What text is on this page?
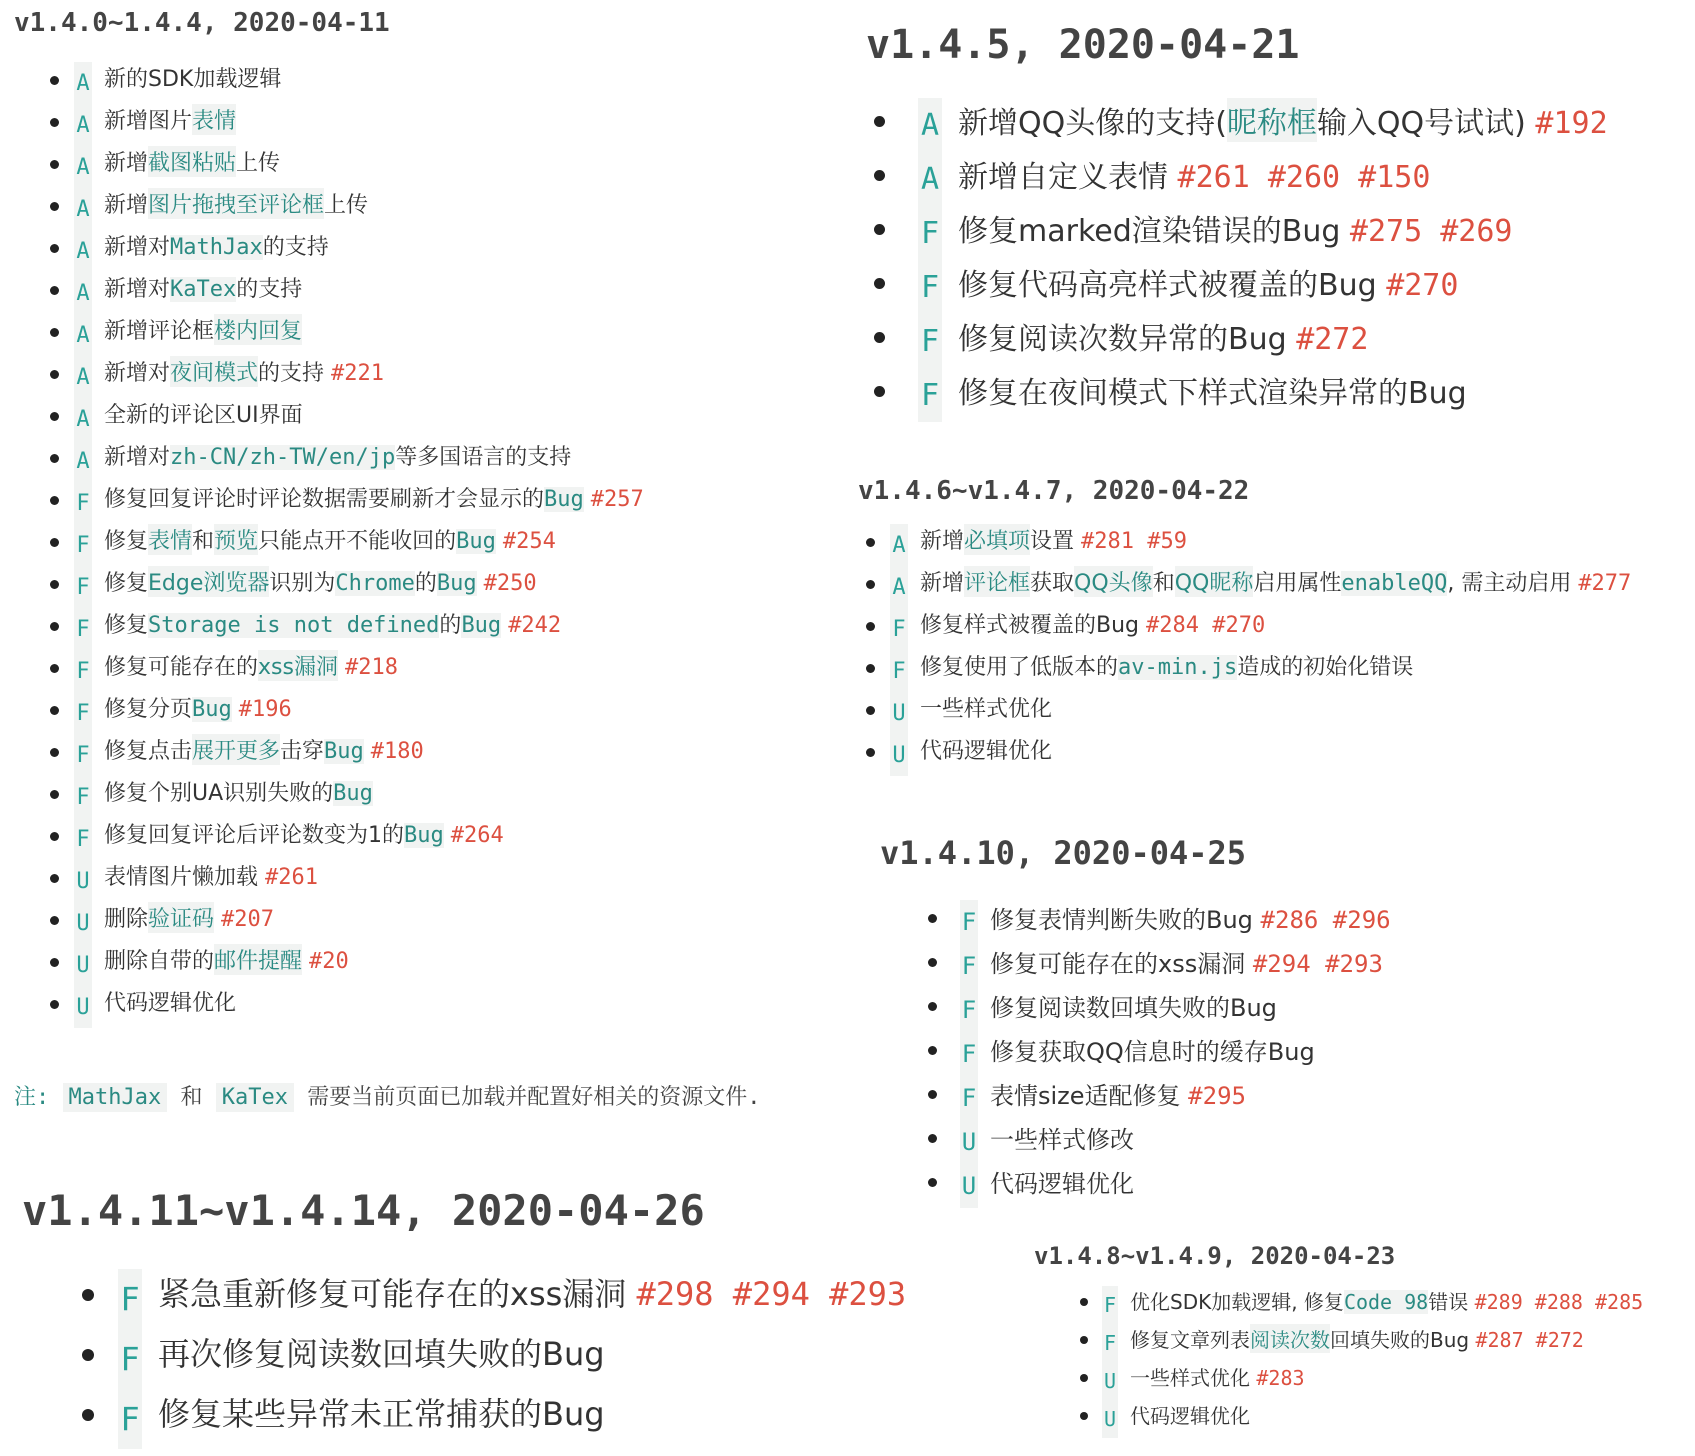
v1.4.0~1.4.4, 2020-04-11
A 新的SDK加载逻辑
A 新增图片 表情
A 新增 截图粘贴 上传
A 新增 图片拖拽至评论框 上传
A 新增对 MathJax 的支持
A 新增对 KaTex 的支持
A 新增评论框 楼内回复
A 新增对 夜间模式 的支持 #221
A 全新的评论区UI界面
A 新增对 zh-CN/zh-TW/en/jp 等多国语言的支持
F 修复回复评论时评论数据需要刷新才会显示的 Bug
#257
F 修复 表情 和 预览 只能点开不能收回的 Bug
#254
F 修复 Edge浏览器 识别为 Chrome 的 Bug
#250
F 修复 Storage is not defined 的 Bug
#242
F 修复可能存在的 xss漏洞
#218
F 修复分页 Bug
#196
F 修复点击 展开更多 击穿 Bug
#180
F 修复个别UA识别失败的 Bug
F 修复回复评论后评论数变为1的 Bug
#264
U 表情图片懒加载 #261
U 删除 验证码
#207
U 删除自带的 邮件提醒
#20
U 代码逻辑优化
v1.4.5, 2020-04-21
A 新增QQ头像的支持( 昵称框 输入QQ号试试) #192
A 新增自定义表情 #261 #260 #150
F 修复marked渲染错误的Bug #275 #269
F 修复代码高亮样式被覆盖的Bug #270
F 修复阅读次数异常的Bug #272
F 修复在夜间模式下样式渲染异常的Bug
v1.4.6~v1.4.7, 2020-04-22
A 新增 必填项 设置 #281 #59
A 新增 评论框 获取 QQ头像 和 QQ昵称 启用属性 enableQQ , 需主动启用 #277
F 修复样式被覆盖的Bug #284 #270
F 修复使用了低版本的 av-min.js 造成的初始化错误
U 一些样式优化
U 代码逻辑优化
v1.4.10, 2020-04-25
F 修复表情判断失败的Bug #286 #296
F 修复可能存在的xss漏洞 #294 #293
F 修复阅读数回填失败的Bug
F 修复获取QQ信息时的缓存Bug
F 表情size适配修复 #295
U 一些样式修改
U 代码逻辑优化
注: MathJax 和 KaTex 需要当前页面已加载并配置好相关的资源文件.
v1.4.11~v1.4.14, 2020-04-26
F 紧急重新修复可能存在的xss漏洞 #298 #294 #293
F 再次修复阅读数回填失败的Bug
F 修复某些异常未正常捕获的Bug
v1.4.8~v1.4.9, 2020-04-23
F 优化SDK加载逻辑, 修复 Code 98 错误 #289 #288 #285
F 修复文章列表 阅读次数 回填失败的Bug #287 #272
U 一些样式优化 #283
U 代码逻辑优化
